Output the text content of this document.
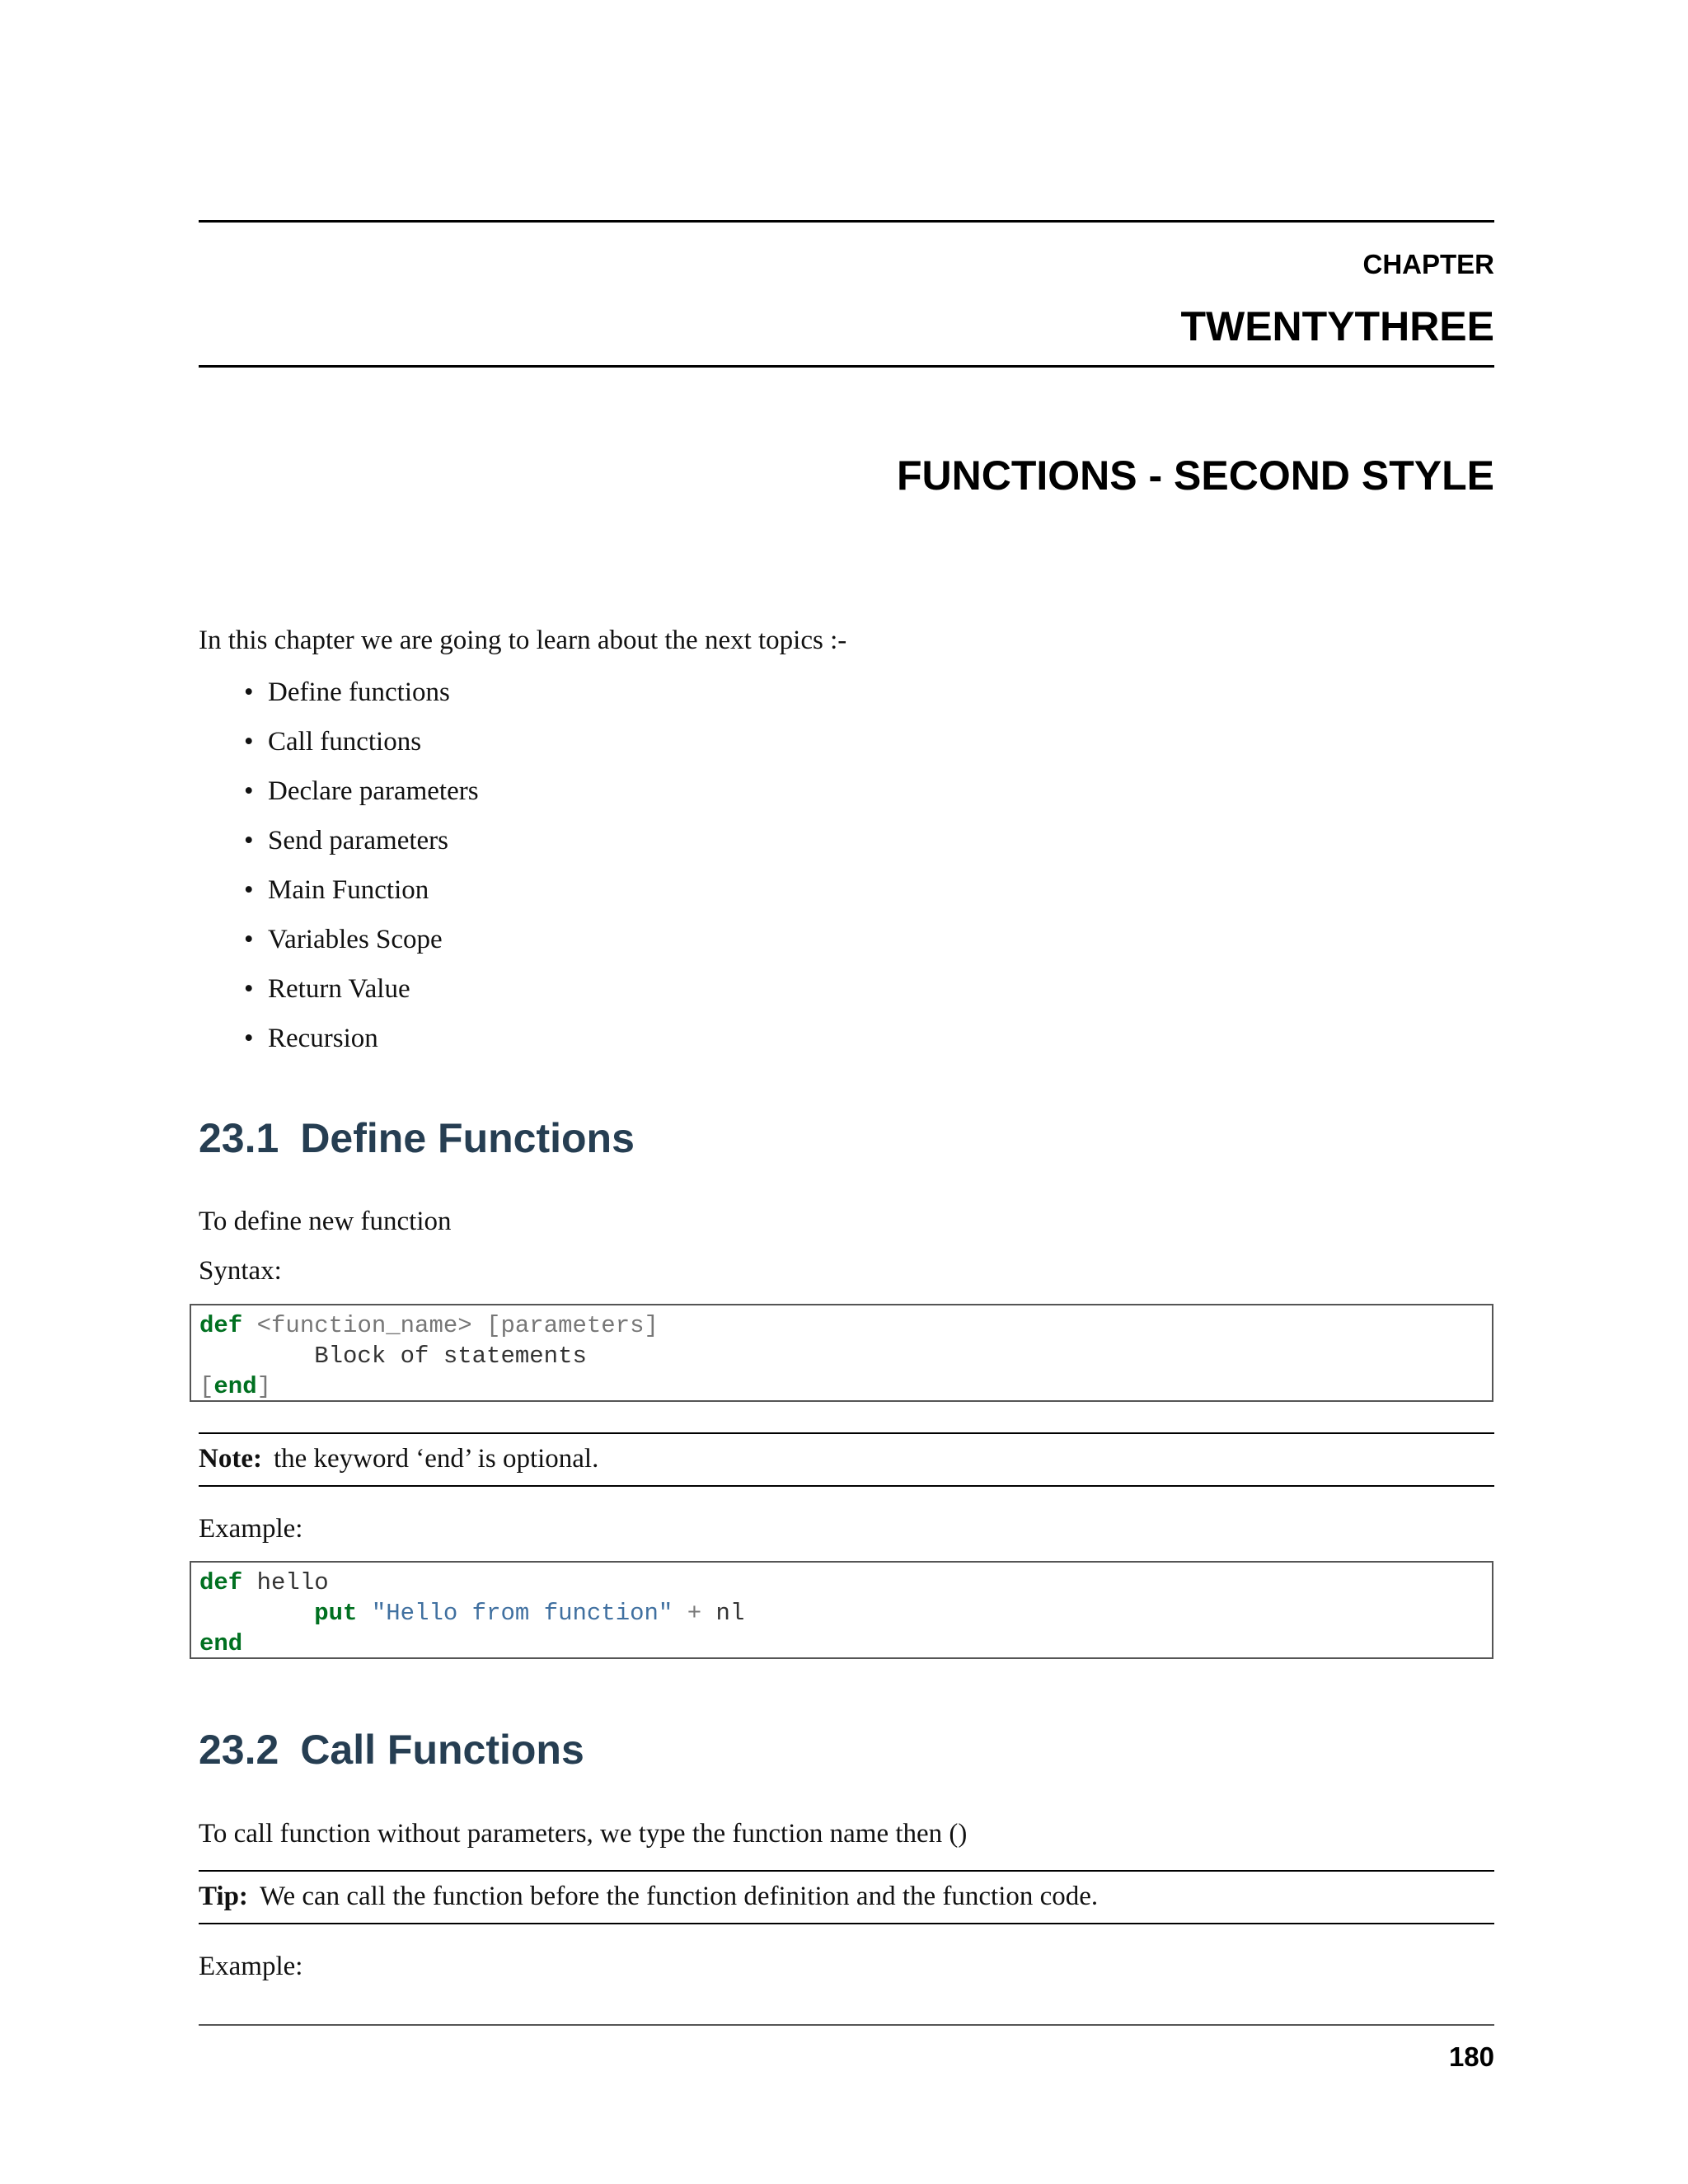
CHAPTER
TWENTYTHREE
FUNCTIONS - SECOND STYLE
In this chapter we are going to learn about the next topics :-
• Define functions
• Call functions
• Declare parameters
• Send parameters
• Main Function
• Variables Scope
• Return Value
• Recursion
23.1 Define Functions
To define new function
Syntax:
def <function_name> [parameters]
Block of statements
[end]
Note: the keyword ‘end’ is optional.
Example:
def hello
put "Hello from function" + nl
end
23.2 Call Functions
To call function without parameters, we type the function name then ()
Tip: We can call the function before the function definition and the function code.
Example:
180
